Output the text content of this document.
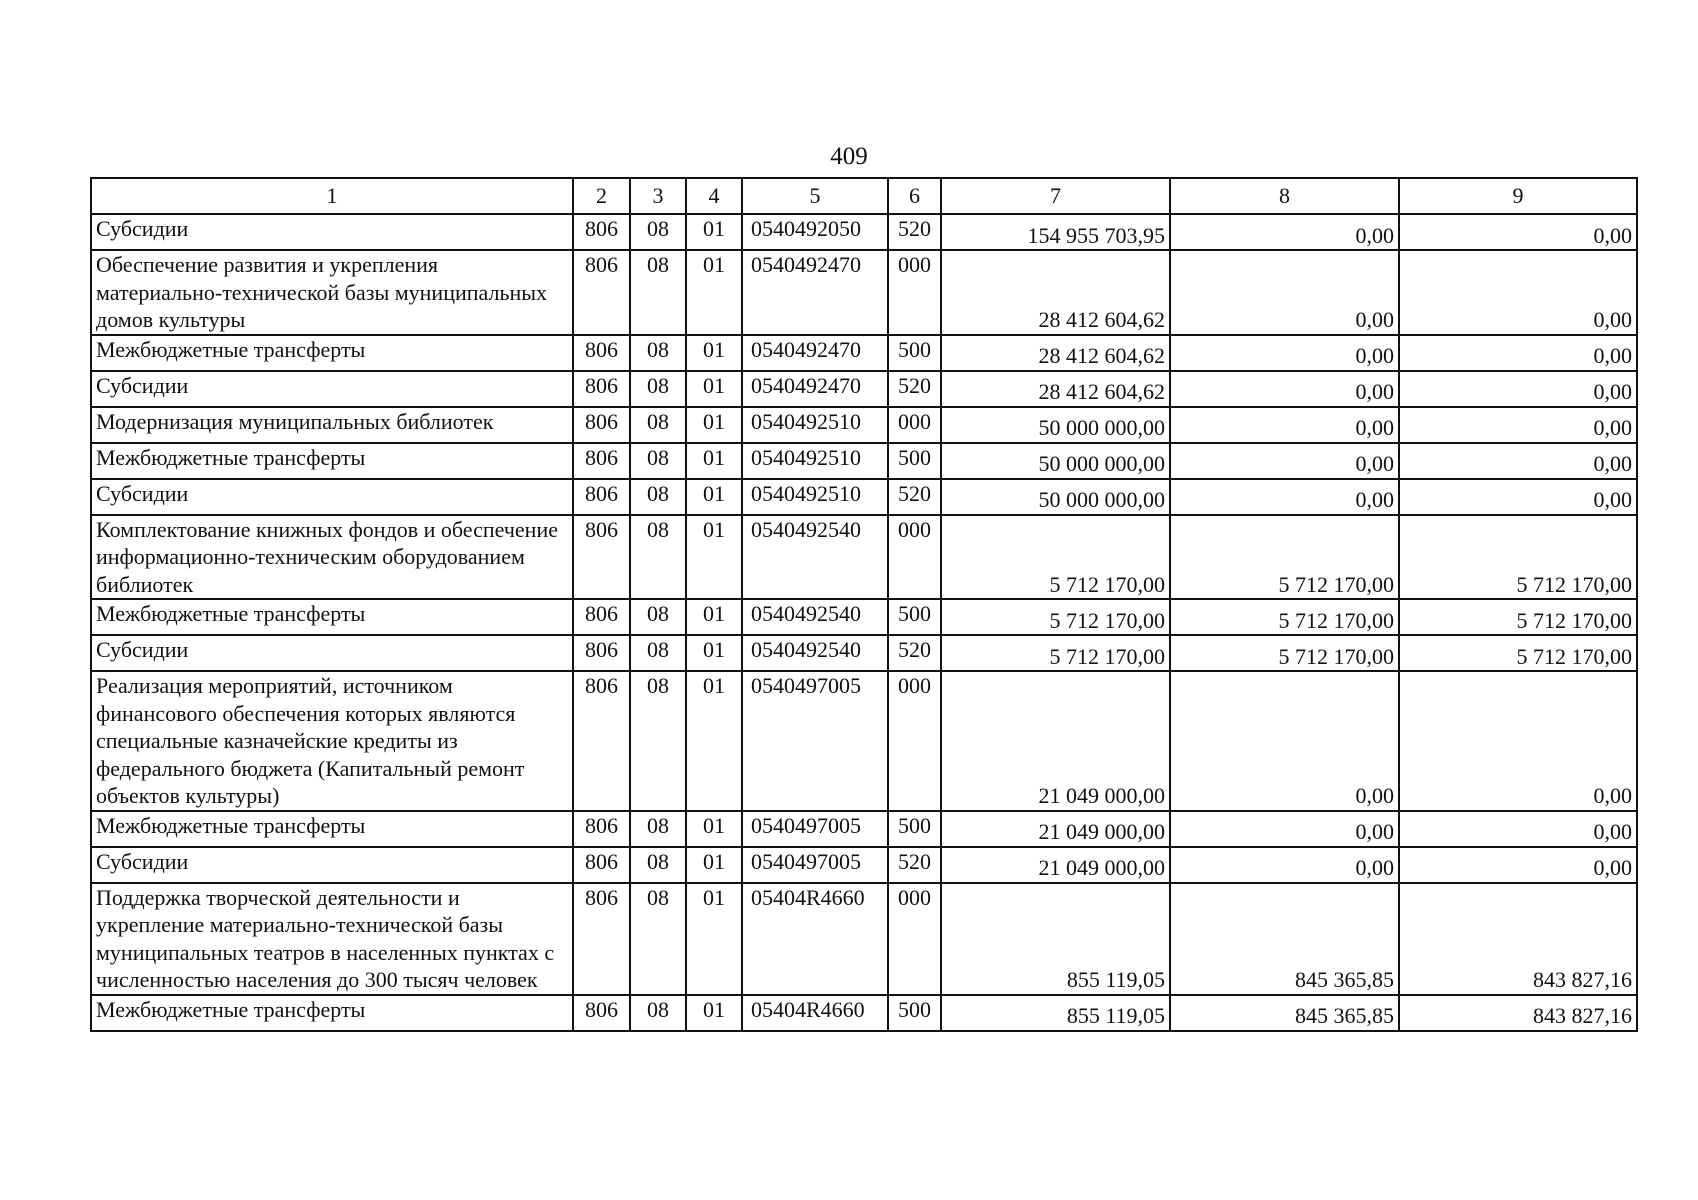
409
1	2	3	4	5	6	7	8	9
Субсидии	806	08	01	0540492050	520	154 955 703,95	0,00	0,00
Обеспечение развития и укрепления материально-технической базы муниципальных домов культуры	806	08	01	0540492470	000	28 412 604,62	0,00	0,00
Межбюджетные трансферты	806	08	01	0540492470	500	28 412 604,62	0,00	0,00
Субсидии	806	08	01	0540492470	520	28 412 604,62	0,00	0,00
Модернизация муниципальных библиотек	806	08	01	0540492510	000	50 000 000,00	0,00	0,00
Межбюджетные трансферты	806	08	01	0540492510	500	50 000 000,00	0,00	0,00
Субсидии	806	08	01	0540492510	520	50 000 000,00	0,00	0,00
Комплектование книжных фондов и обеспечение информационно-техническим оборудованием библиотек	806	08	01	0540492540	000	5 712 170,00	5 712 170,00	5 712 170,00
Межбюджетные трансферты	806	08	01	0540492540	500	5 712 170,00	5 712 170,00	5 712 170,00
Субсидии	806	08	01	0540492540	520	5 712 170,00	5 712 170,00	5 712 170,00
Реализация мероприятий, источником финансового обеспечения которых являются специальные казначейские кредиты из федерального бюджета (Капитальный ремонт объектов культуры)	806	08	01	0540497005	000	21 049 000,00	0,00	0,00
Межбюджетные трансферты	806	08	01	0540497005	500	21 049 000,00	0,00	0,00
Субсидии	806	08	01	0540497005	520	21 049 000,00	0,00	0,00
Поддержка творческой деятельности и укрепление материально-технической базы муниципальных театров в населенных пунктах с численностью населения до 300 тысяч человек	806	08	01	05404R4660	000	855 119,05	845 365,85	843 827,16
Межбюджетные трансферты	806	08	01	05404R4660	500	855 119,05	845 365,85	843 827,16
